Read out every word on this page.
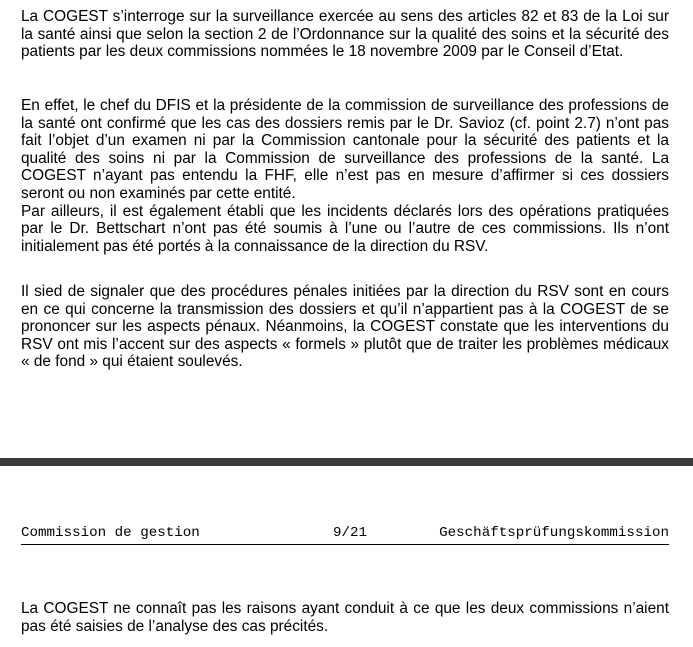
La COGEST s’interroge sur la surveillance exercée au sens des articles 82 et 83 de la Loi sur la santé ainsi que selon la section 2 de l’Ordonnance sur la qualité des soins et la sécurité des patients par les deux commissions nommées le 18 novembre 2009 par le Conseil d’Etat.

En effet, le chef du DFIS et la présidente de la commission de surveillance des professions de la santé ont confirmé que les cas des dossiers remis par le Dr. Savioz (cf. point 2.7) n’ont pas fait l’objet d’un examen ni par la Commission cantonale pour la sécurité des patients et la qualité des soins ni par la Commission de surveillance des professions de la santé. La COGEST n’ayant pas entendu la FHF, elle n’est pas en mesure d’affirmer si ces dossiers seront ou non examinés par cette entité.
Par ailleurs, il est également établi que les incidents déclarés lors des opérations pratiquées par le Dr. Bettschart n’ont pas été soumis à l’une ou l’autre de ces commissions. Ils n’ont initialement pas été portés à la connaissance de la direction du RSV.

Il sied de signaler que des procédures pénales initiées par la direction du RSV sont en cours en ce qui concerne la transmission des dossiers et qu’il n’appartient pas à la COGEST de se prononcer sur les aspects pénaux. Néanmoins, la COGEST constate que les interventions du RSV ont mis l’accent sur des aspects « formels » plutôt que de traiter les problèmes médicaux « de fond » qui étaient soulevés.

Commission de gestion	9/21	Geschäftsprüfungskommission

La COGEST ne connaît pas les raisons ayant conduit à ce que les deux commissions n’aient pas été saisies de l’analyse des cas précités.
